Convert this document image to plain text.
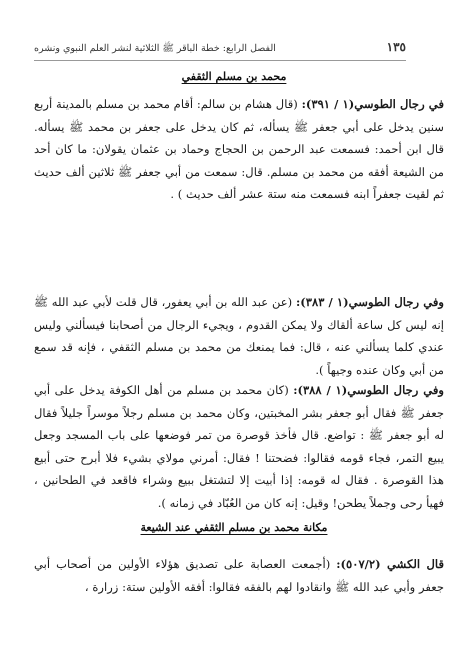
١٣٥
الفصل الرابع: خطة الباقر ﷺ الثلاثية لنشر العلم النبوي ونشره
محمد بن مسلم الثقفي

في رجال الطوسي(١ / ٣٩١): (قال هشام بن سالم: أقام محمد بن مسلم بالمدينة أربع سنين يدخل على أبي جعفر ﷺ يسأله، ثم كان يدخل على جعفر بن محمد ﷺ يسأله. قال ابن أحمد: فسمعت عبد الرحمن بن الحجاج وحماد بن عثمان يقولان: ما كان أحد من الشيعة أفقه من محمد بن مسلم. قال: سمعت من أبي جعفر ﷺ ثلاثين ألف حديث ثم لقيت جعفراً ابنه فسمعت منه ستة عشر ألف حديث ) .

وفي رجال الطوسي(١ / ٣٨٣): (عن عبد الله بن أبي يعفور، قال قلت لأبي عبد الله ﷺ إنه ليس كل ساعة ألقاك ولا يمكن القدوم ، ويجيء الرجال من أصحابنا فيسألني وليس عندي كلما يسألني عنه ، قال: فما يمنعك من محمد بن مسلم الثقفي ، فإنه قد سمع من أبي وكان عنده وجيهاً ).

وفي رجال الطوسي(١ / ٣٨٨): (كان محمد بن مسلم من أهل الكوفة يدخل على أبي جعفر ﷺ فقال أبو جعفر بشر المخبتين، وكان محمد بن مسلم رجلاً موسراً جليلاً فقال له أبو جعفر ﷺ : تواضع. قال فأخذ قوصرة من تمر فوضعها على باب المسجد وجعل يبيع التمر، فجاء قومه فقالوا: فضحتنا ! فقال: أمرني مولاي بشيء فلا أبرح حتى أبيع هذا القوصرة . فقال له قومه: إذا أبيت إلا لتشتغل ببيع وشراء فاقعد في الطحانين ، فهيأ رحى وجملاً يطحن! وقيل: إنه كان من العُبّاد في زمانه ).

مكانة محمد بن مسلم الثقفي عند الشيعة

قال الكشي (٥٠٧/٢): (أجمعت العصابة على تصديق هؤلاء الأولين من أصحاب أبي جعفر وأبي عبد الله ﷺ وانقادوا لهم بالفقه فقالوا: أفقه الأولين ستة: زرارة ،
